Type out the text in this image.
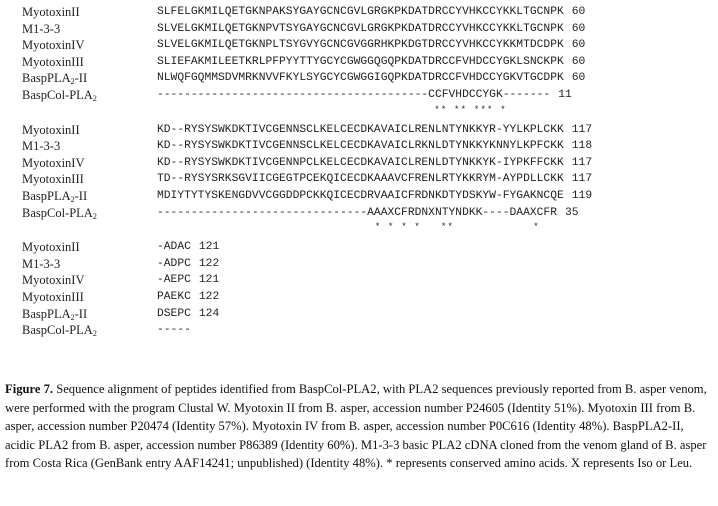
MyotoxinII	SLFELGKMILQETGKNPAKSYGAYGCNCGVLGRGKPKDATDRCCYVHKCCYKKLTGCNPK 60
M1-3-3	SLVELGKMILQETGKNPVTSYGAYGCNCGVLGRGKPKDATDRCCYVHKCCYKKLTGCNPK 60
MyotoxinIV	SLVELGKMILQETGKNPLTSYGVYGCNCGVGGRHKPKDGTDRCCYVHKCCYKKMTDCDPK 60
MyotoxinIII	SLIEFAKMILEETKRLPFPYYTTYGCYCGWGGQGQPKDATDRCCFVHDCCYGKLSNCKPK 60
BaspPLA$_2$-II	NLWQFGQMMSDVMRKNVVFKYLSYGCYCGWGGIGQPKDATDRCCFVHDCCYGKVTGCDPK 60
BaspCol-$PLA_2$	----------------------------------------CCFVHDCCYGK------- 11
** ** *** *
MyotoxinII	KD--RYSYSWKDKTIVCGENNSCLKELCECDKAVAICLRENLNTYNKKYR-YYLKPLCKK 117
M1-3-3	KD--RYSYSWKDKTIVCGENNSCLKELCECDKAVAICLRKNLDTYNKKYKNNYLKPFCKK 118
MyotoxinIV	KD--RYSYSWKDKTIVCGENNPCLKELCECDKAVAICLRENLDTYNKKYK-IYPKFFCKK 117
MyotoxinIII	TD--RYSYSRKSGVIICGEGTPCEKQICECDKAAAVCFRENLRTYKKRYM-AYPDLLCKK 117
BaspPLA$_2$-II	MDIYTYTYSKENGDVVCGGDDPCKKQICECDRVAAICFRDNKDTYDSKYW-FYGAKNCQE 119
BaspCol-$PLA_2$	-------------------------------AAAXCFRDNXNTYNDKK----DAAXCFR 35
* * * *   **            *
MyotoxinII	-ADAC 121
M1-3-3	-ADPC 122
MyotoxinIV	-AEPC 121
MyotoxinIII	PAEKC 122
BaspPLA$_2$-II	DSEPC 124
BaspCol-$PLA_2$	-----
Figure 7. Sequence alignment of peptides identified from BaspCol-PLA2, with PLA2 sequences previously reported from B. asper venom, were performed with the program Clustal W. Myotoxin II from B. asper, accession number P24605 (Identity 51%). Myotoxin III from B. asper, accession number P20474 (Identity 57%). Myotoxin IV from B. asper, accession number P0C616 (Identity 48%). BaspPLA2-II, acidic PLA2 from B. asper, accession number P86389 (Identity 60%). M1-3-3 basic PLA2 cDNA cloned from the venom gland of B. asper from Costa Rica (GenBank entry AAF14241; unpublished) (Identity 48%). * represents conserved amino acids. X represents Iso or Leu.
